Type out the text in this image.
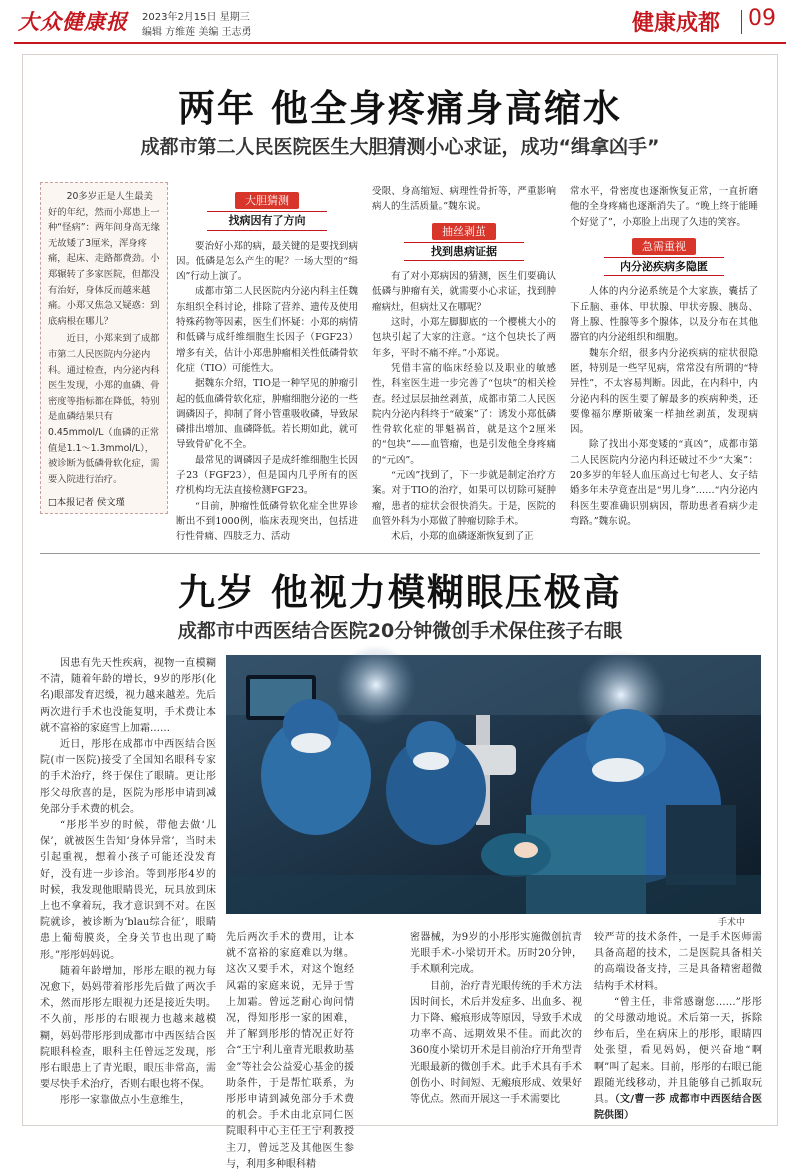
大众健康报 2023年2月15日 星期三
编辑 方维莲 美编 王志勇	健康成都 09
两年 他全身疼痛身高缩水
成都市第二人民医院医生大胆猜测小心求证，成功“缉拿凶手”

20多岁正是人生最美好的年纪，然而小郑患上一种“怪病”：两年间身高无缘无故矮了3厘米，浑身疼痛，起床、走路都费劲。小郑辗转了多家医院，但都没有治好，身体反而越来越痛。小郑又焦急又疑惑：到底病根在哪儿？

近日，小郑来到了成都市第二人民医院内分泌内科。通过检查，内分泌内科医生发现，小郑的血磷、骨密度等指标都在降低，特别是血磷结果只有0.45mmol/L（血磷的正常值是1.1～1.3mmol/L），被诊断为低磷骨软化症，需要入院进行治疗。

□本报记者 侯文瑾

大胆猜测
找病因有了方向

要治好小郑的病，最关键的是要找到病因。低磷是怎么产生的呢？一场大型的“缉凶”行动上演了。

成都市第二人民医院内分泌内科主任魏东组织全科讨论，排除了营养、遗传及使用特殊药物等因素，医生们怀疑：小郑的病情和低磷与成纤维细胞生长因子（FGF23）增多有关，估计小郑患肿瘤相关性低磷骨软化症（TIO）可能性大。

据魏东介绍，TIO是一种罕见的肿瘤引起的低血磷骨软化症，肿瘤细胞分泌的一些调磷因子，抑制了肾小管重吸收磷，导致尿磷排出增加、血磷降低。若长期如此，就可导致骨矿化不全。

最常见的调磷因子是成纤维细胞生长因子23（FGF23），但是国内几乎所有的医疗机构均无法直接检测FGF23。

“目前，肿瘤性低磷骨软化症全世界诊断出不到1000例，临床表现突出，包括进行性骨痛、四肢乏力、活动

受限、身高缩短、病理性骨折等，严重影响病人的生活质量。”魏东说。

抽丝剥茧
找到患病证据

有了对小郑病因的猜测，医生们要确认低磷与肿瘤有关，就需要小心求证，找到肿瘤病灶，但病灶又在哪呢？

这时，小郑左脚脚底的一个樱桃大小的包块引起了大家的注意。“这个包块长了两年多，平时不痛不痒。”小郑说。

凭借丰富的临床经验以及职业的敏感性，科室医生进一步完善了“包块”的相关检查。经过层层抽丝剥茧，成都市第二人民医院内分泌内科终于“破案”了：诱发小郑低磷性骨软化症的罪魁祸首，就是这个2厘米的“包块”——血管瘤，也是引发他全身疼痛的“元凶”。

“元凶”找到了，下一步就是制定治疗方案。对于TIO的治疗，如果可以切除可疑肿瘤，患者的症状会很快消失。于是，医院的血管外科为小郑做了肿瘤切除手术。

术后，小郑的血磷逐渐恢复到了正

常水平，骨密度也逐渐恢复正常，一直折磨他的全身疼痛也逐渐消失了。“晚上终于能睡个好觉了”，小郑脸上出现了久违的笑容。

急需重视
内分泌疾病多隐匿

人体的内分泌系统是个大家族，囊括了下丘脑、垂体、甲状腺、甲状旁腺、胰岛、肾上腺、性腺等多个腺体，以及分布在其他器官的内分泌组织和细胞。

魏东介绍，很多内分泌疾病的症状很隐匿，特别是一些罕见病，常常没有所谓的“特异性”，不太容易判断。因此，在内科中，内分泌内科的医生要了解最多的疾病种类，还要像福尔摩斯破案一样抽丝剥茧，发现病因。

除了找出小郑变矮的“真凶”，成都市第二人民医院内分泌内科还破过不少“大案”：20多岁的年轻人血压高过七旬老人、女子结婚多年未孕竟查出是“男儿身”……“内分泌内科医生要准确识别病因，帮助患者看病少走弯路。”魏东说。

九岁 他视力模糊眼压极高
成都市中西医结合医院20分钟微创手术保住孩子右眼

因患有先天性疾病，视物一直模糊不清，随着年龄的增长，9岁的彤彤(化名)眼部发育迟缓，视力越来越差。先后两次进行手术也没能复明，手术费让本就不富裕的家庭雪上加霜……

近日，彤彤在成都市中西医结合医院(市一医院)接受了全国知名眼科专家的手术治疗，终于保住了眼睛。更让彤彤父母欣喜的是，医院为彤彤申请到减免部分手术费的机会。

“彤彤半岁的时候，带他去做‘儿保’，就被医生告知‘身体异常’，当时未引起重视，想着小孩子可能还没发育好，没有进一步诊治。等到彤彤4岁的时候，我发现他眼睛畏光，玩具放到床上也不拿着玩，我才意识到不对。在医院就诊，被诊断为‘blau综合征’，眼睛患上葡萄膜炎，全身关节也出现了畸形。”彤彤妈妈说。

随着年龄增加，彤彤左眼的视力每况愈下，妈妈带着彤彤先后做了两次手术，然而彤彤左眼视力还是接近失明。不久前，彤彤的右眼视力也越来越模糊，妈妈带彤彤到成都市中西医结合医院眼科检查，眼科主任曾远芝发现，彤彤右眼患上了青光眼，眼压非常高，需要尽快手术治疗，否则右眼也将不保。

彤彤一家靠做点小生意维生，

手术中

先后两次手术的费用，让本就不富裕的家庭难以为继。这次又要手术，对这个饱经风霜的家庭来说，无异于雪上加霜。曾远芝耐心询问情况，得知彤彤一家的困难，并了解到彤彤的情况正好符合“王宁利儿童青光眼救助基金”等社会公益爱心基金的援助条件，于是帮忙联系，为彤彤申请到减免部分手术费的机会。手术由北京同仁医院眼科中心主任王宁利教授主刀，曾远芝及其他医生参与，利用多种眼科精

密器械，为9岁的小彤彤实施微创抗青光眼手术-小梁切开术。历时20分钟，手术顺利完成。

目前，治疗青光眼传统的手术方法因时间长，术后并发症多、出血多、视力下降、瘢痕形成等原因，导致手术成功率不高、远期效果不佳。而此次的360度小梁切开术是目前治疗开角型青光眼最新的微创手术。此手术具有手术创伤小、时间短、无瘢痕形成、效果好等优点。然而开展这一手术需要比

较严苛的技术条件，一是手术医师需具备高超的技术，二是医院具备相关的高端设备支持，三是具备精密超微结构手术材料。

“曾主任，非常感谢您……”彤彤的父母激动地说。术后第一天，拆除纱布后，坐在病床上的彤彤，眼睛四处张望，看见妈妈，便兴奋地“啊啊”叫了起来。目前，彤彤的右眼已能跟随光线移动，并且能够自己抓取玩具。（文/曹一莎 成都市中西医结合医院供图）
